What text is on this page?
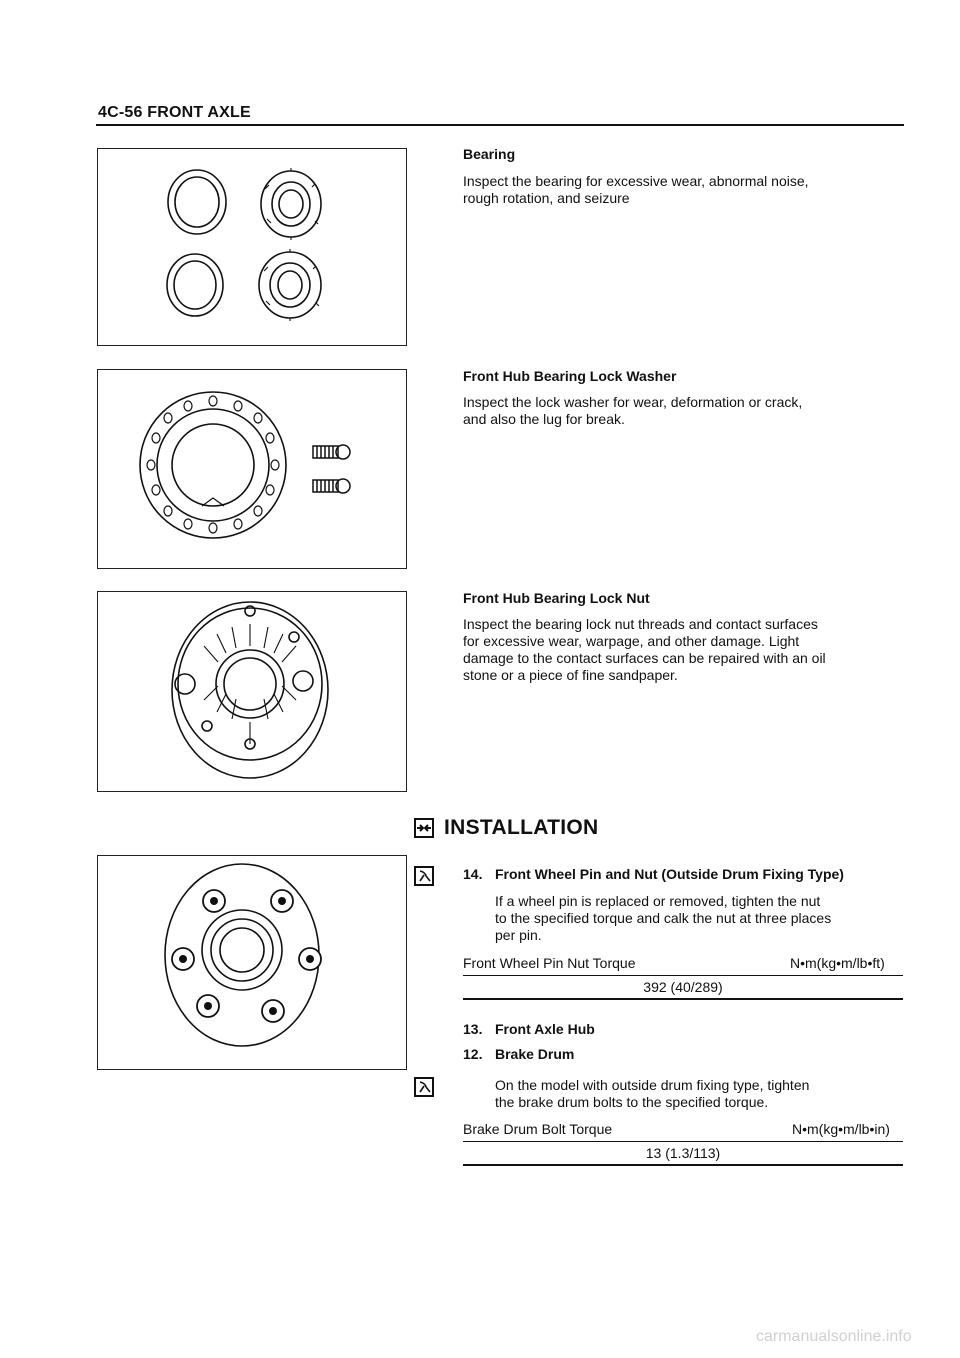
4C-56 FRONT AXLE
Bearing
Inspect the bearing for excessive wear, abnormal noise,
rough rotation, and seizure
Front Hub Bearing Lock Washer
Inspect the lock washer for wear, deformation or crack,
and also the lug for break.
Front Hub Bearing Lock Nut
Inspect the bearing lock nut threads and contact surfaces
for excessive wear, warpage, and other damage. Light
damage to the contact surfaces can be repaired with an oil
stone or a piece of fine sandpaper.
INSTALLATION
14. Front Wheel Pin and Nut (Outside Drum Fixing Type)
If a wheel pin is replaced or removed, tighten the nut
to the specified torque and calk the nut at three places
per pin.
Front Wheel Pin Nut Torque	N•m(kg•m/lb•ft)
392 (40/289)
13. Front Axle Hub
12. Brake Drum
On the model with outside drum fixing type, tighten
the brake drum bolts to the specified torque.
Brake Drum Bolt Torque	N•m(kg•m/lb•in)
13 (1.3/113)
carmanualsonline.info
